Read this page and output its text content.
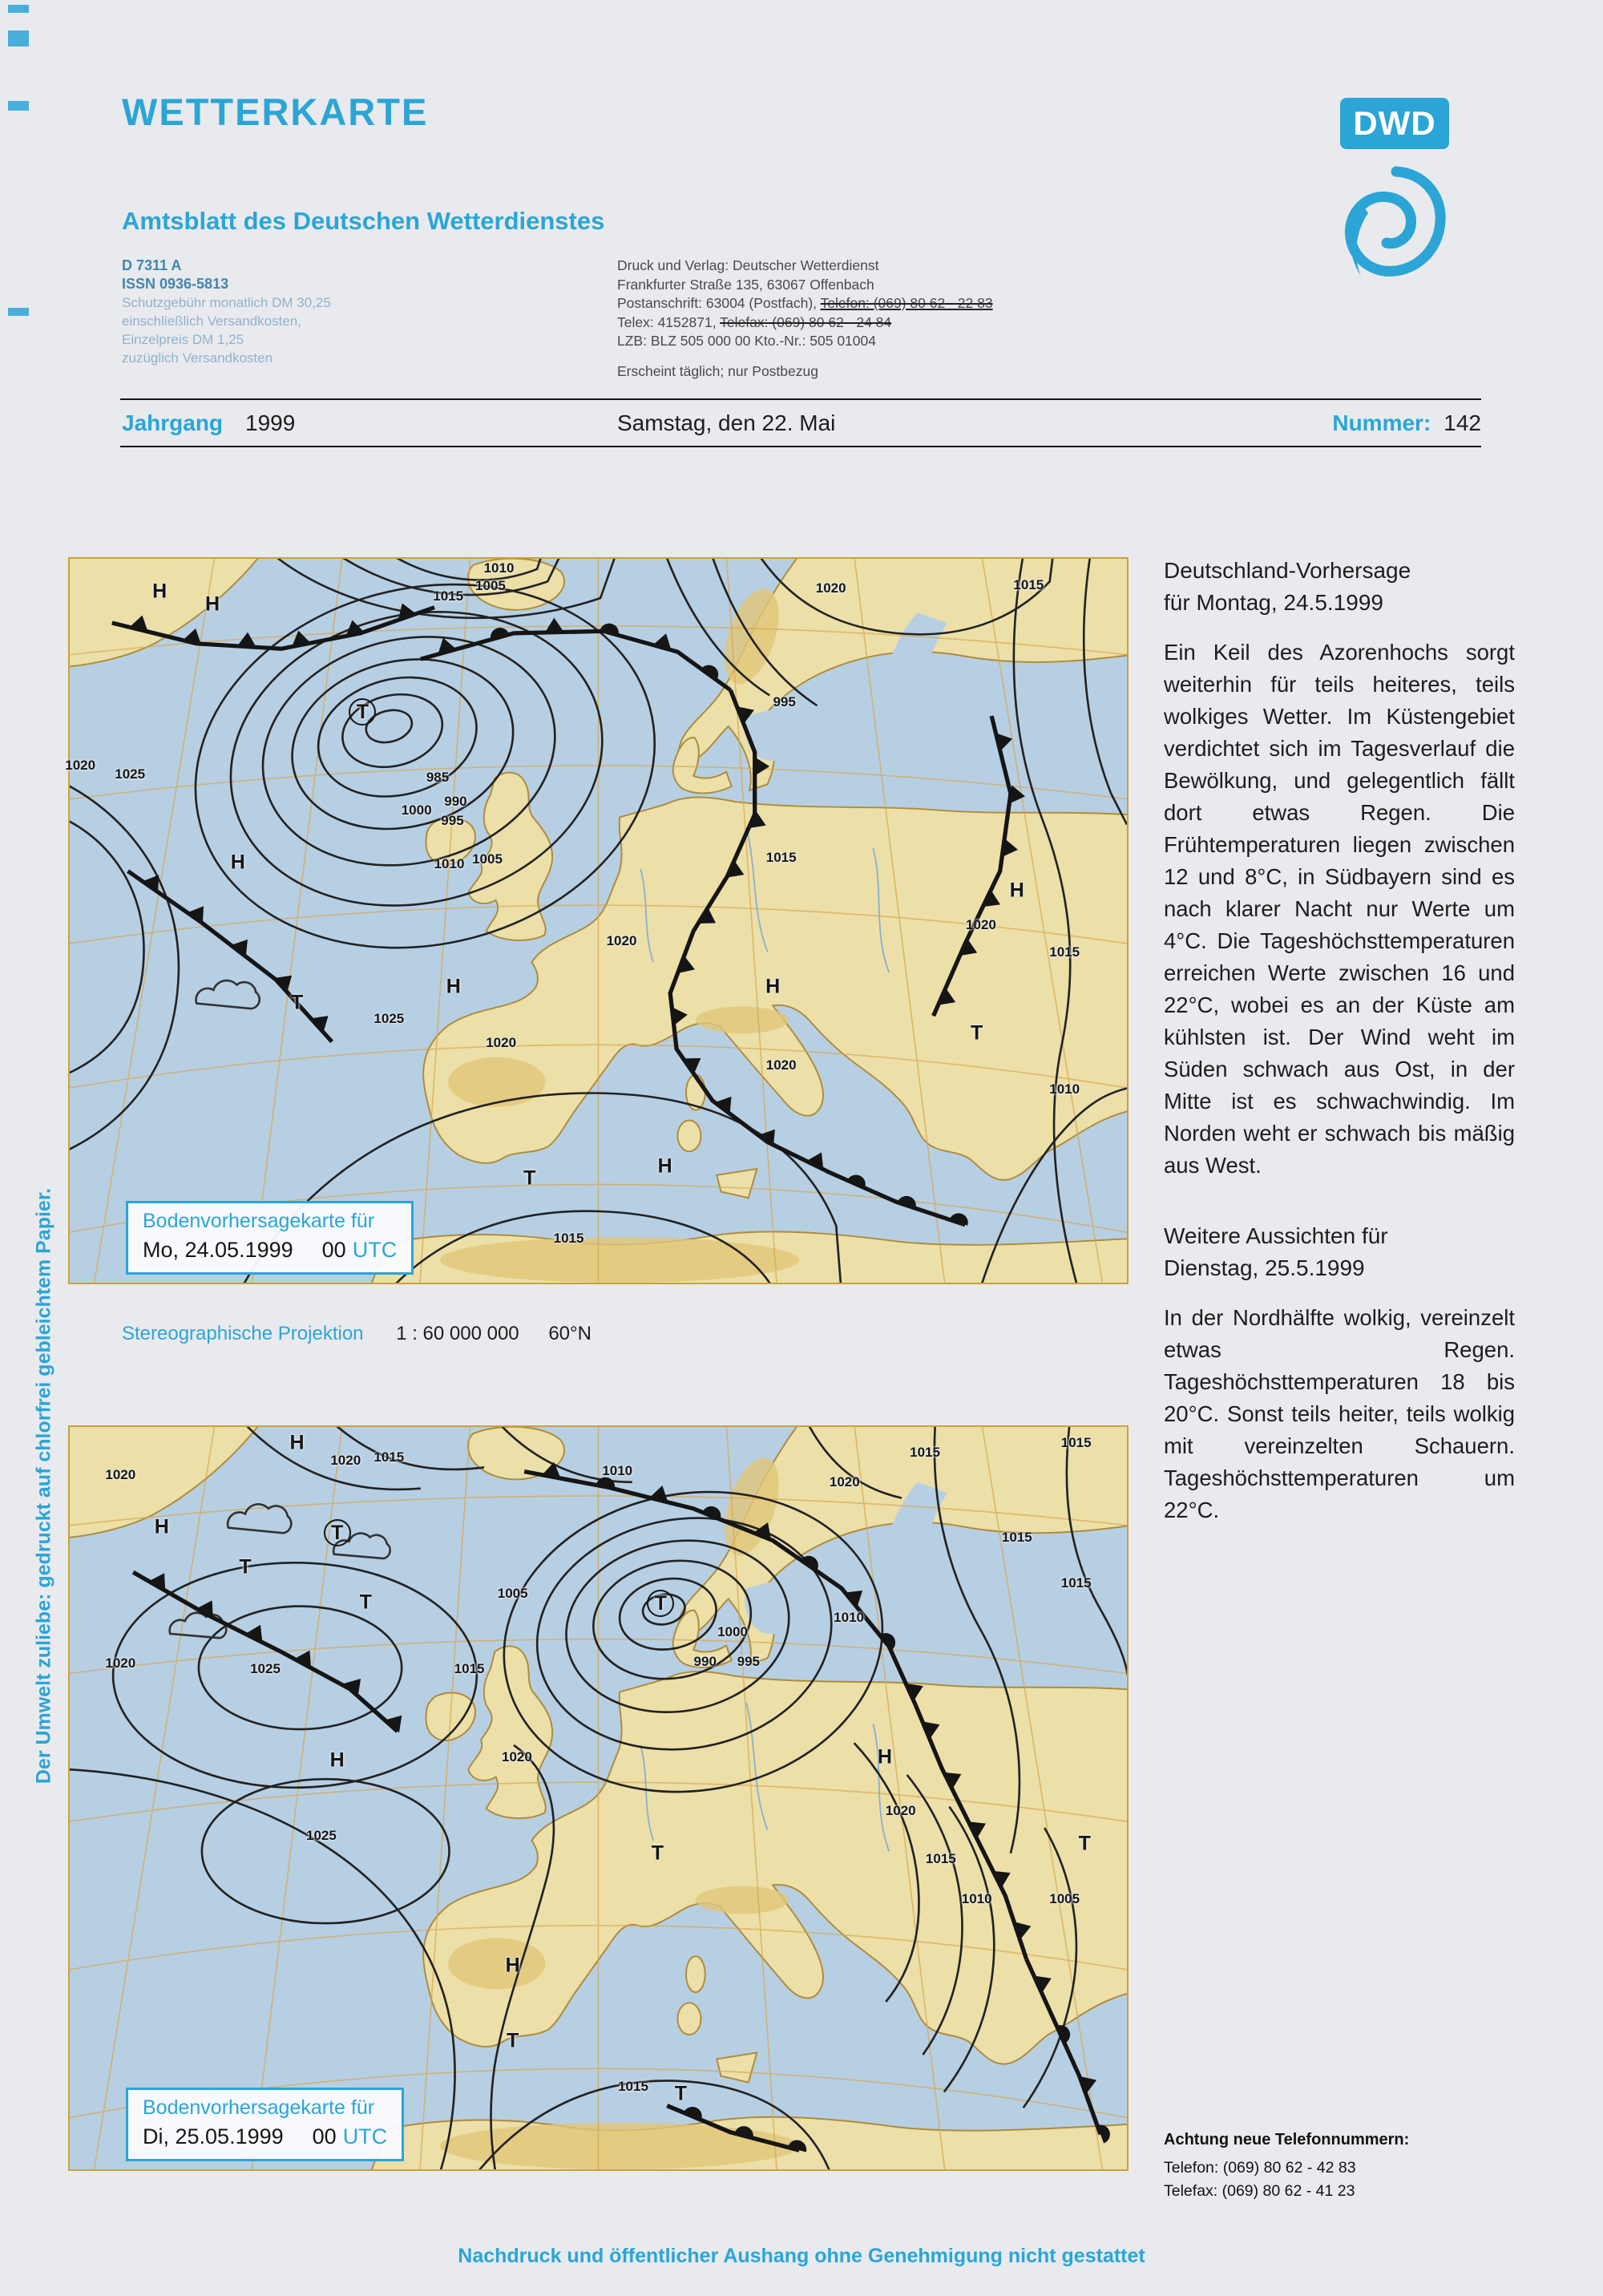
WETTERKARTE
Amtsblatt des Deutschen Wetterdienstes
D 7311 A
ISSN 0936-5813
Schutzgebühr monatlich DM 30,25
einschließlich Versandkosten,
Einzelpreis DM 1,25
zuzüglich Versandkosten
Druck und Verlag: Deutscher Wetterdienst
Frankfurter Straße 135, 63067 Offenbach
Postanschrift: 63004 (Postfach), Telefon: (069) 80 62 - 22 83
Telex: 4152871, Telefax: (069) 80 62 - 24 84
LZB: BLZ 505 000 00 Kto.-Nr.: 505 01004
Erscheint täglich; nur Postbezug
DWD
Jahrgang 1999	Samstag, den 22. Mai	Nummer: 142
H
H
1010
1005
1015
1020	1015
995
T
985
1000
990
995
1020
1025
1010 1005
H	1015
H
1020
1020
1015
T
H
1025
H
T
1020
1020
1010
H
T
1015
Bodenvorhersagekarte für
Mo, 24.05.1999 00 UTC
Stereographische Projektion 1 : 60 000 000 60°N
H
1020 1015
1010
1015
1015
1020	1020
H	T	1015
T
T	1005
1015
T
1010
1000
1020	1025	1015	990 995
H	1020	H
1020
1025
T	1015
1010	1005
T
H
T
1015 T
Bodenvorhersagekarte für
Di, 25.05.1999 00 UTC
Deutschland-Vorhersage
für Montag, 24.5.1999

Ein Keil des Azorenhochs sorgt weiterhin für teils heiteres, teils wolkiges Wetter. Im Küstengebiet verdichtet sich im Tagesverlauf die Bewölkung, und gelegentlich fällt dort etwas Regen. Die Frühtemperaturen liegen zwischen 12 und 8°C, in Südbayern sind es nach klarer Nacht nur Werte um 4°C. Die Tageshöchsttemperaturen erreichen Werte zwischen 16 und 22°C, wobei es an der Küste am kühlsten ist. Der Wind weht im Süden schwach aus Ost, in der Mitte ist es schwachwindig. Im Norden weht er schwach bis mäßig aus West.

Weitere Aussichten für
Dienstag, 25.5.1999

In der Nordhälfte wolkig, vereinzelt etwas Regen. Tageshöchsttemperaturen 18 bis 20°C. Sonst teils heiter, teils wolkig mit vereinzelten Schauern. Tageshöchsttemperaturen um 22°C.

Achtung neue Telefonnummern:
Telefon: (069) 80 62 - 42 83
Telefax: (069) 80 62 - 41 23
Nachdruck und öffentlicher Aushang ohne Genehmigung nicht gestattet
Der Umwelt zuliebe: gedruckt auf chlorfrei gebleichtem Papier.
